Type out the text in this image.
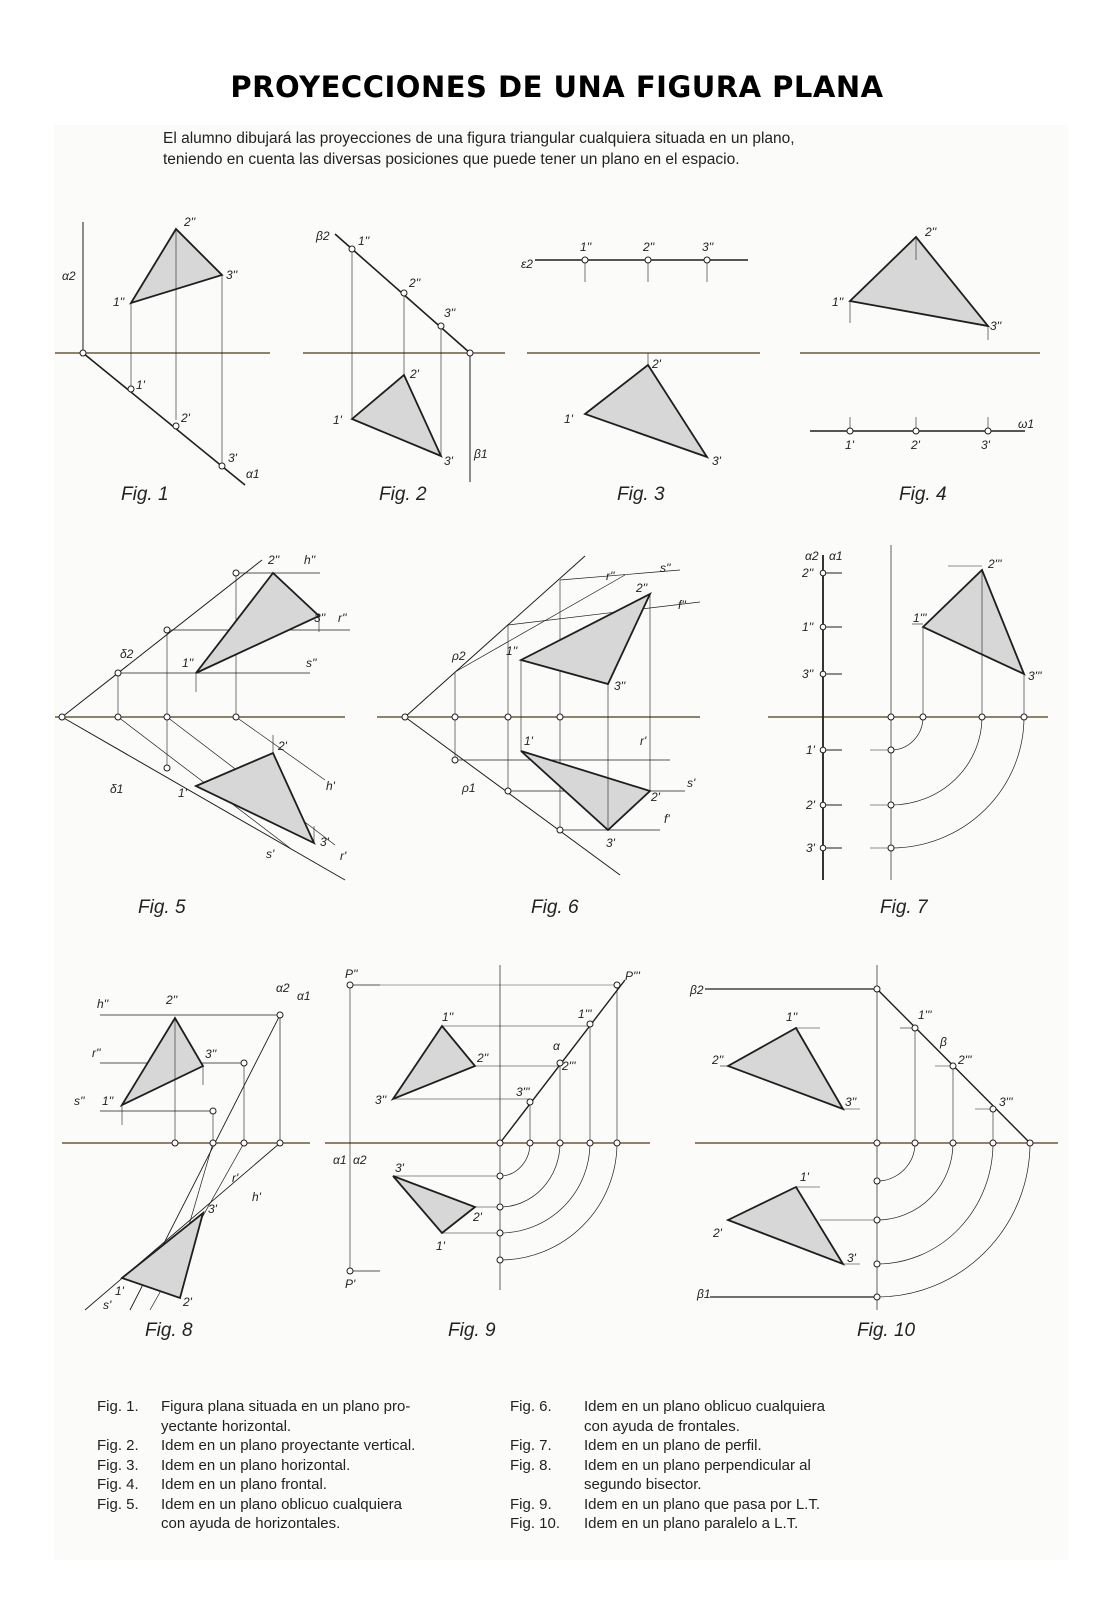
PROYECCIONES DE UNA FIGURA PLANA
El alumno dibujará las proyecciones de una figura triangular cualquiera situada en un plano,
teniendo en cuenta las diversas posiciones que puede tener un plano en el espacio.
α2
2''
3''
1''
1'
2'
3'
α1
β2 1''
2''
3''
1'
2'
3' β1
ε2
1''	2''	3''
1'
2'
3'
1''
2''
3''
1'	2'	3'
ω1
δ2
δ1
2'' h''
3'' r''
s''
1''
2'
h'
1'
3'
s'	r'
ρ2
ρ1
r''
s''
2''
f''
1''
3''
1'	r'
s'
2'
f'
3'
α2 α1
2''
1''
3''
1'
2'
3'
2'''
1'''
3'''
h''	2''
α2
α1
r''	3''
s'' 1''
r'
h'
3'
1'
2'
s'
P''
P'
P'''
α1 α2
1''
2''
3''
1'''
α
2'''
3'''
3'
2'
1'
β2
β1
1''
2''
3''
1'''
β
2'''
3'''
1'
2'
3'
Fig. 1	Fig. 2	Fig. 3	Fig. 4
Fig. 5	Fig. 6	Fig. 7
Fig. 8	Fig. 9	Fig. 10
Fig. 1.	Figura plana situada en un plano pro-
yectante horizontal.
Fig. 2.	Idem en un plano proyectante vertical.
Fig. 3.	Idem en un plano horizontal.
Fig. 4.	Idem en un plano frontal.
Fig. 5.	Idem en un plano oblicuo cualquiera
con ayuda de horizontales.
Fig. 6.	Idem en un plano oblicuo cualquiera
con ayuda de frontales.
Fig. 7.	Idem en un plano de perfil.
Fig. 8.	Idem en un plano perpendicular al
segundo bisector.
Fig. 9.	Idem en un plano que pasa por L.T.
Fig. 10.	Idem en un plano paralelo a L.T.
